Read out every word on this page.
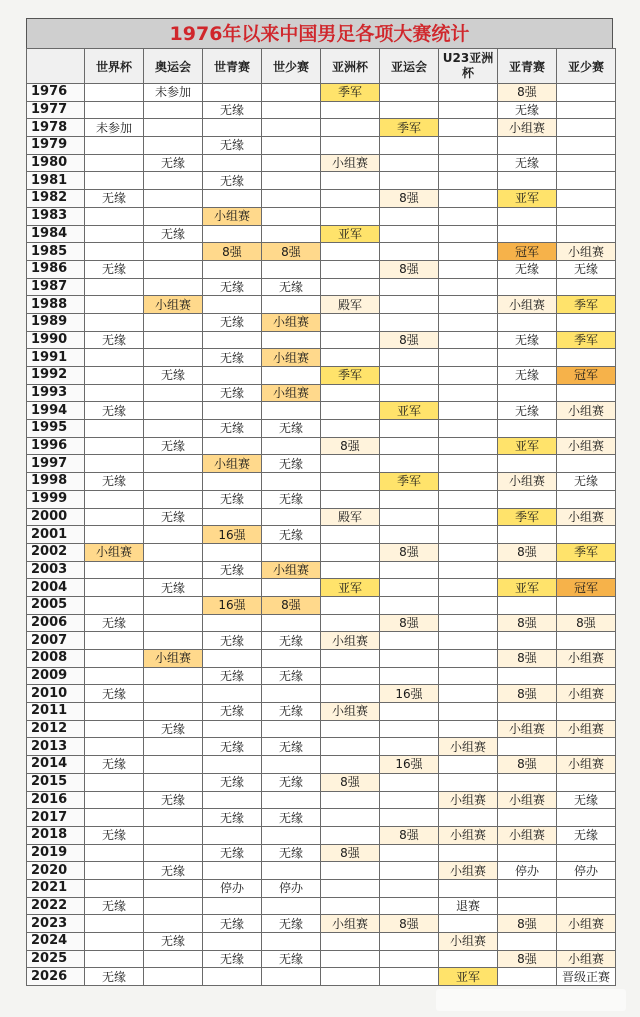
1976年以来中国男足各项大赛统计
	世界杯	奥运会	世青赛	世少赛	亚洲杯	亚运会	U23亚洲杯	亚青赛	亚少赛
1976		未参加			季军			8强	
1977			无缘					无缘	
1978	未参加					季军		小组赛	
1979			无缘						
1980		无缘			小组赛			无缘	
1981			无缘						
1982	无缘					8强		亚军	
1983			小组赛						
1984		无缘			亚军				
1985			8强	8强				冠军	小组赛
1986	无缘					8强		无缘	无缘
1987			无缘	无缘					
1988		小组赛			殿军			小组赛	季军
1989			无缘	小组赛					
1990	无缘					8强		无缘	季军
1991			无缘	小组赛					
1992		无缘			季军			无缘	冠军
1993			无缘	小组赛					
1994	无缘					亚军		无缘	小组赛
1995			无缘	无缘					
1996		无缘			8强			亚军	小组赛
1997			小组赛	无缘					
1998	无缘					季军		小组赛	无缘
1999			无缘	无缘					
2000		无缘			殿军			季军	小组赛
2001			16强	无缘					
2002	小组赛					8强		8强	季军
2003			无缘	小组赛					
2004		无缘			亚军			亚军	冠军
2005			16强	8强					
2006	无缘					8强		8强	8强
2007			无缘	无缘	小组赛				
2008		小组赛						8强	小组赛
2009			无缘	无缘					
2010	无缘					16强		8强	小组赛
2011			无缘	无缘	小组赛				
2012		无缘						小组赛	小组赛
2013			无缘	无缘			小组赛		
2014	无缘					16强		8强	小组赛
2015			无缘	无缘	8强				
2016		无缘					小组赛	小组赛	无缘
2017			无缘	无缘					
2018	无缘					8强	小组赛	小组赛	无缘
2019			无缘	无缘	8强				
2020		无缘					小组赛	停办	停办
2021			停办	停办					
2022	无缘						退赛		
2023			无缘	无缘	小组赛	8强		8强	小组赛
2024		无缘					小组赛		
2025			无缘	无缘				8强	小组赛
2026	无缘						亚军		晋级正赛
